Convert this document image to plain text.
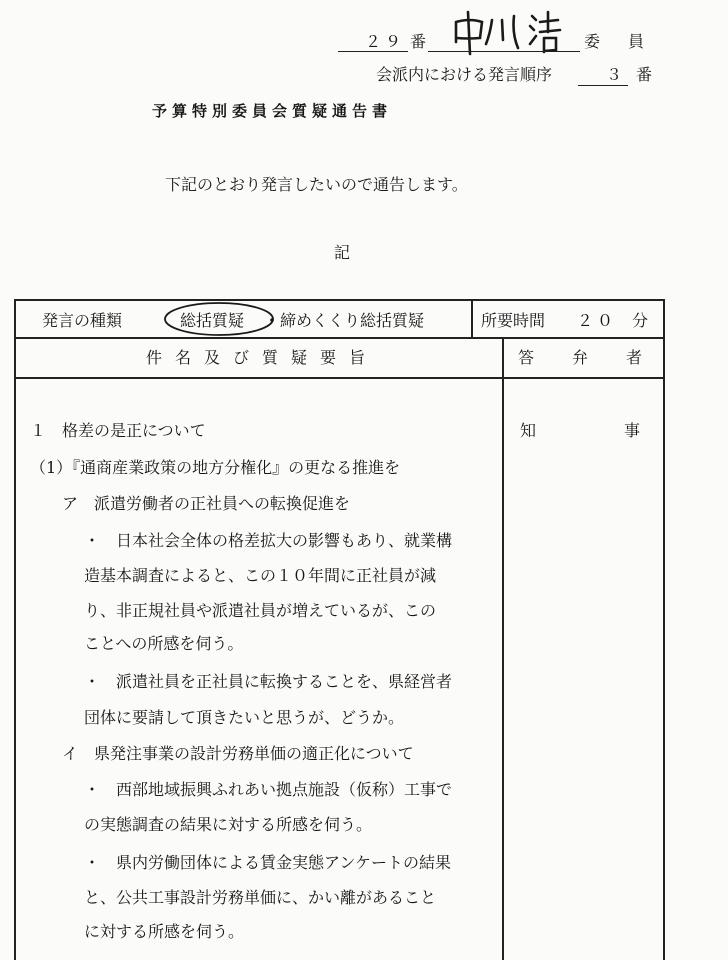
２９ 番	委　員
会派内における発言順序	３ 番
予算特別委員会質疑通告書
下記のとおり発言したいので通告します。
記
発言の種類	総括質疑 ・ 締めくくり総括質疑	所要時間 ２０ 分
件名及び質疑要旨	答弁者
１　格差の是正について	知事
（1）『通商産業政策の地方分権化』の更なる推進を
ア　派遣労働者の正社員への転換促進を
・　日本社会全体の格差拡大の影響もあり、就業構
造基本調査によると、この１０年間に正社員が減
り、非正規社員や派遣社員が増えているが、この
ことへの所感を伺う。
・　派遣社員を正社員に転換することを、県経営者
団体に要請して頂きたいと思うが、どうか。
イ　県発注事業の設計労務単価の適正化について
・　西部地域振興ふれあい拠点施設（仮称）工事で
の実態調査の結果に対する所感を伺う。
・　県内労働団体による賃金実態アンケートの結果
と、公共工事設計労務単価に、かい離があること
に対する所感を伺う。
